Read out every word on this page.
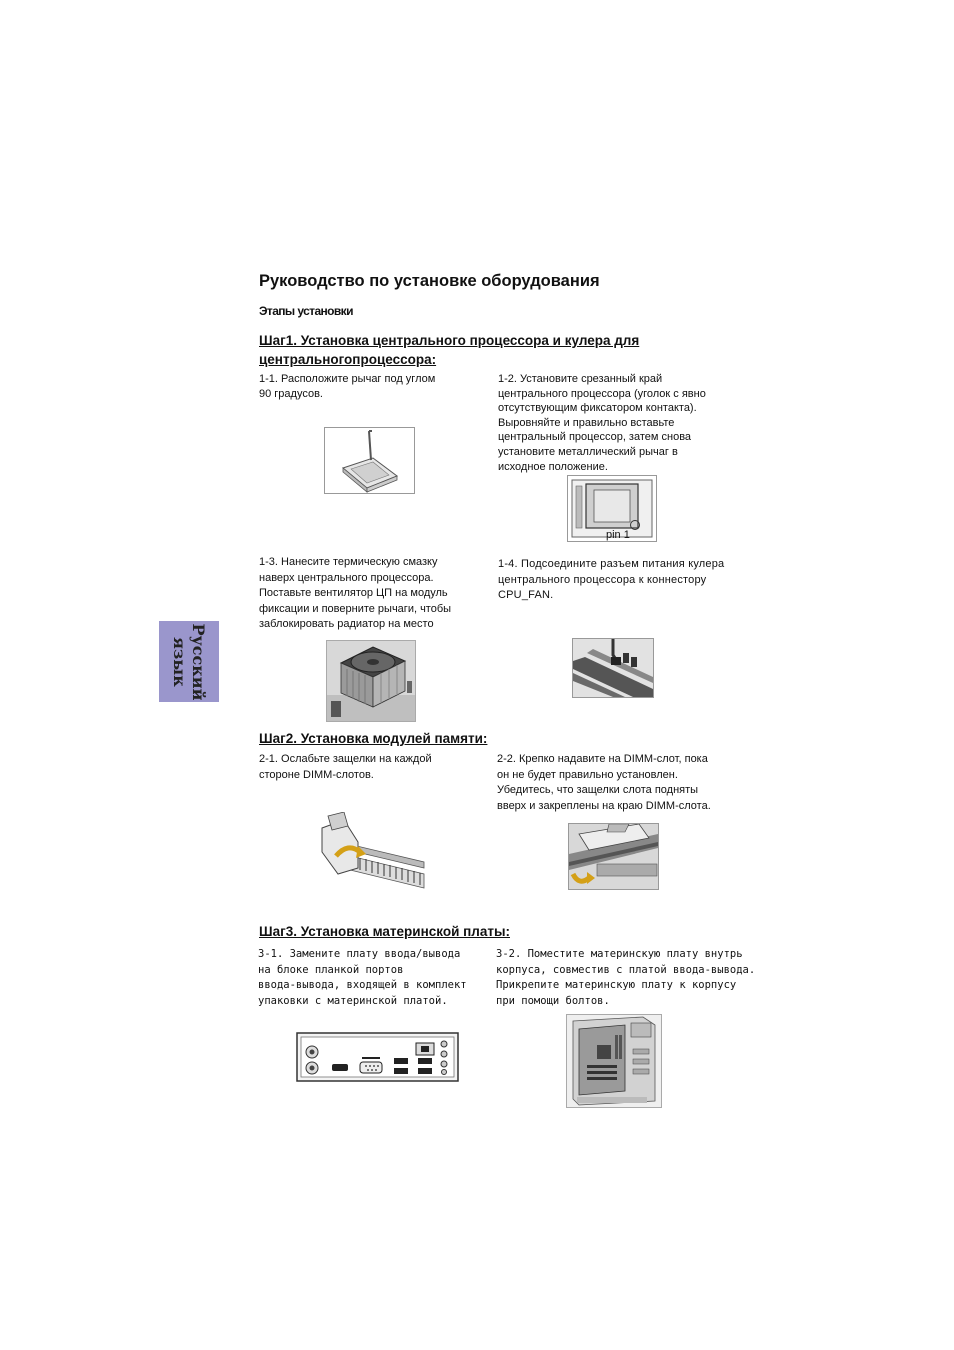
Руководство по установке оборудования
Этапы установки
Русский
язык
Шаг1. Установка центрального процессора и кулера для
центральногопроцессора:
1-1. Расположите рычаг под углом
90 градусов.
1-2. Установите срезанный край
центрального процессора (уголок с явно
отсутствующим фиксатором контакта).
Выровняйте и правильно вставьте
центральный процессор, затем снова
установите металлический рычаг в
исходное положение.
pin 1
1-3. Нанесите термическую смазку
наверх центрального процессора.
Поставьте вентилятор ЦП на модуль
фиксации и поверните рычаги, чтобы
заблокировать радиатор на место
1-4. Подсоедините разъем питания кулера
центрального процессора к коннестору
CPU_FAN.
Шаг2. Установка модулей памяти:
2-1. Ослабьте защелки на каждой
стороне DIMM-слотов.
2-2. Крепко надавите на DIMM-слот, пока
он не будет правильно установлен.
Убедитесь, что защелки слота подняты
вверх и закреплены на краю DIMM-слота.
Шаг3. Установка материнской платы:
3-1. Замените плату ввода/вывода
на блоке планкой портов
ввода-вывода, входящей в комплект
упаковки с материнской платой.
3-2. Поместите материнскую плату внутрь
корпуса, совместив с платой ввода-вывода.
Прикрепите материнскую плату к корпусу
при помощи болтов.
